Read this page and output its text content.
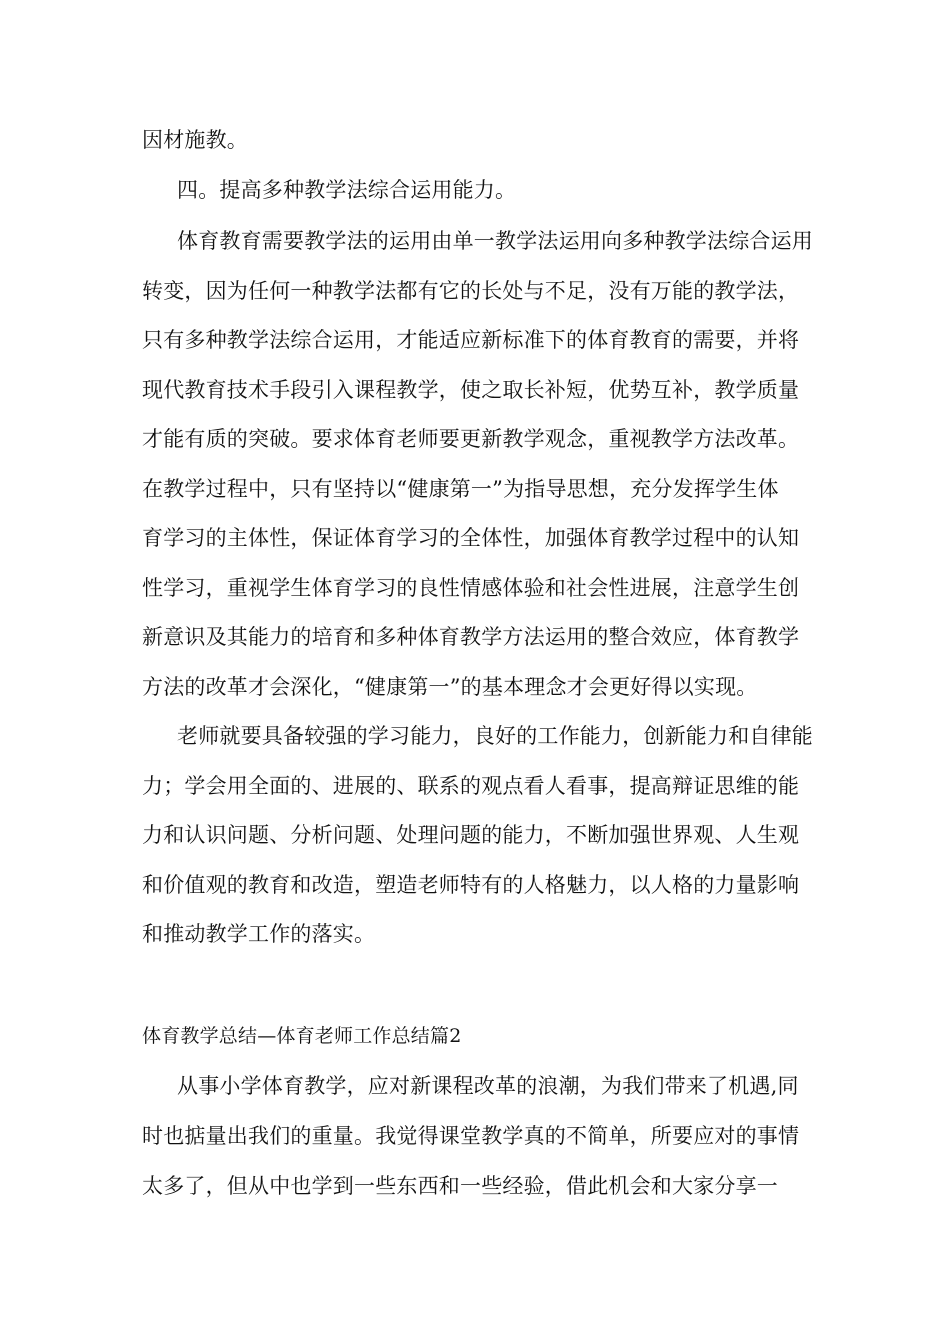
因材施教。
四。提高多种教学法综合运用能力。
体育教育需要教学法的运用由单一教学法运用向多种教学法综合运用
转变，因为任何一种教学法都有它的长处与不足，没有万能的教学法，
只有多种教学法综合运用，才能适应新标准下的体育教育的需要，并将
现代教育技术手段引入课程教学，使之取长补短，优势互补，教学质量
才能有质的突破。要求体育老师要更新教学观念，重视教学方法改革。
在教学过程中，只有坚持以“健康第一”为指导思想，充分发挥学生体
育学习的主体性，保证体育学习的全体性，加强体育教学过程中的认知
性学习，重视学生体育学习的良性情感体验和社会性进展，注意学生创
新意识及其能力的培育和多种体育教学方法运用的整合效应，体育教学
方法的改革才会深化，“健康第一”的基本理念才会更好得以实现。
老师就要具备较强的学习能力，良好的工作能力，创新能力和自律能
力；学会用全面的、进展的、联系的观点看人看事，提高辩证思维的能
力和认识问题、分析问题、处理问题的能力，不断加强世界观、人生观
和价值观的教育和改造，塑造老师特有的人格魅力，以人格的力量影响
和推动教学工作的落实。
体育教学总结—体育老师工作总结篇2
从事小学体育教学，应对新课程改革的浪潮，为我们带来了机遇,同
时也掂量出我们的重量。我觉得课堂教学真的不简单，所要应对的事情
太多了，但从中也学到一些东西和一些经验，借此机会和大家分享一
